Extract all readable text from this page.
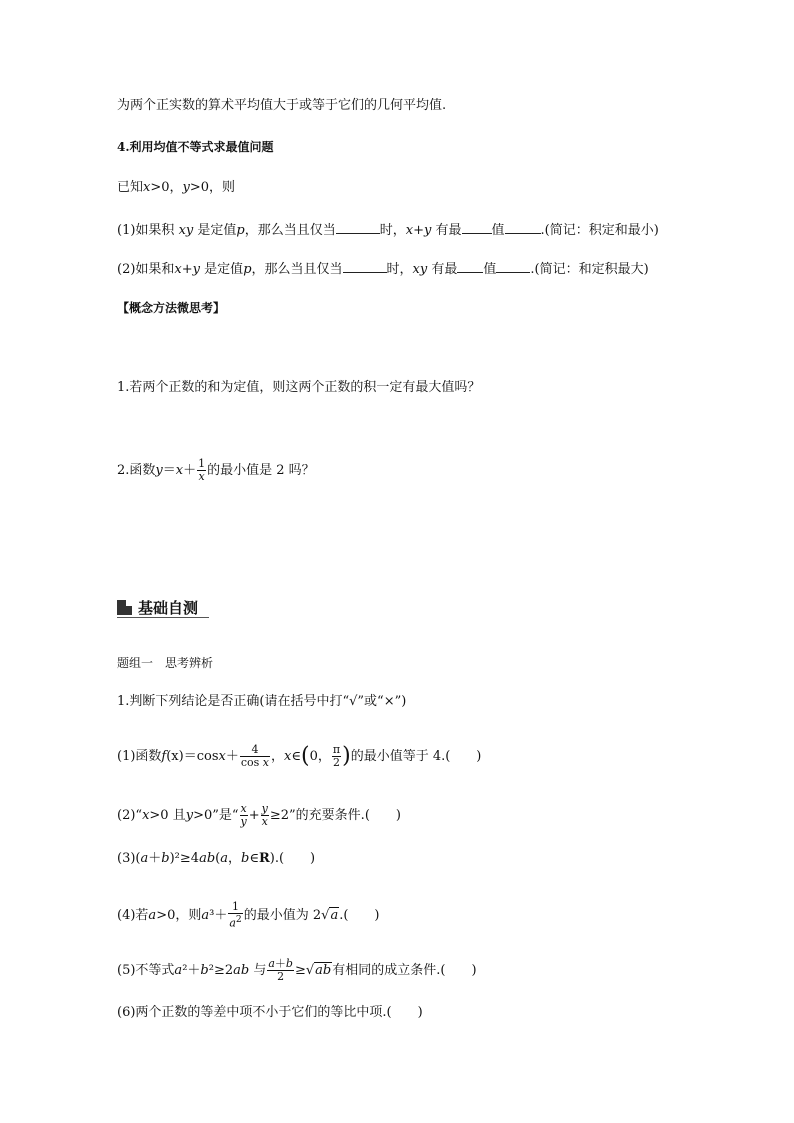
为两个正实数的算术平均值大于或等于它们的几何平均值.
4.利用均值不等式求最值问题
已知x>0，y>0，则
(1)如果积 xy 是定值p，那么当且仅当	时，x+y 有最 值	.(简记：积定和最小)
(2)如果和x+y 是定值p，那么当且仅当	时，xy 有最 值	.(简记：和定积最大)
【概念方法微思考】
1.若两个正数的和为定值，则这两个正数的积一定有最大值吗？
2.函数$y=x+ \frac{1}{x}$ 的最小值是 2 吗？
基础自测
题组一　思考辨析
1.判断下列结论是否正确(请在括号中打“√”或“×”)
(1)函数$f(x)=\cos x+ \frac{4}{\text{cos x}}$ ，x∈(0， $\frac{\pi}{2}$ )的最小值等于 4.(　　)
(2)“x>0 且y>0”是“ $\frac{x}{y} + \frac{y}{x} \ge 2$”的充要条件.(　　)
(3)(a＋b)²≥4ab(a，b∈R).(　　)
(4)若a>0，则$a^3+ \frac{1}{a^2}$ 的最小值为 2√a.(　　)
(5)不等式a²＋b²≥2ab 与 $\frac{a+b}{2} \ge√ab$有相同的成立条件.(　　)
(6)两个正数的等差中项不小于它们的等比中项.(　　)
